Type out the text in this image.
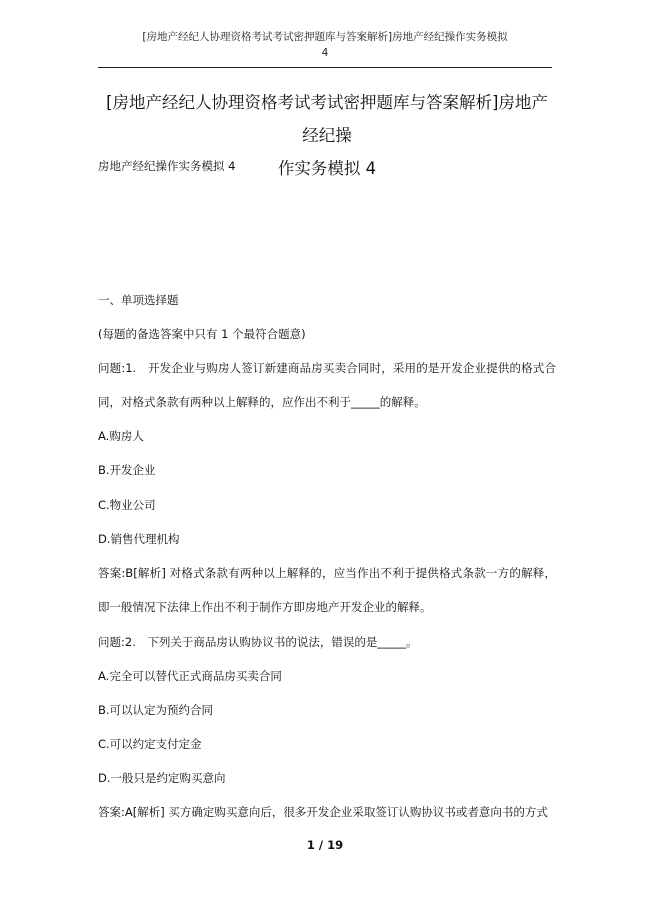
[房地产经纪人协理资格考试考试密押题库与答案解析]房地产经纪操作实务模拟
4
[房地产经纪人协理资格考试考试密押题库与答案解析]房地产经纪操
作实务模拟 4
房地产经纪操作实务模拟 4
一、单项选择题
(每题的备选答案中只有 1 个最符合题意)
问题:1.　开发企业与购房人签订新建商品房买卖合同时，采用的是开发企业提供的格式合同，对格式条款有两种以上解释的，应作出不利于_____的解释。
A.购房人
B.开发企业
C.物业公司
D.销售代理机构
答案:B[解析] 对格式条款有两种以上解释的，应当作出不利于提供格式条款一方的解释，即一般情况下法律上作出不利于制作方即房地产开发企业的解释。
问题:2.　下列关于商品房认购协议书的说法，错误的是_____。
A.完全可以替代正式商品房买卖合同
B.可以认定为预约合同
C.可以约定支付定金
D.一般只是约定购买意向
答案:A[解析] 买方确定购买意向后，很多开发企业采取签订认购协议书或者意向书的方式
1 / 19
